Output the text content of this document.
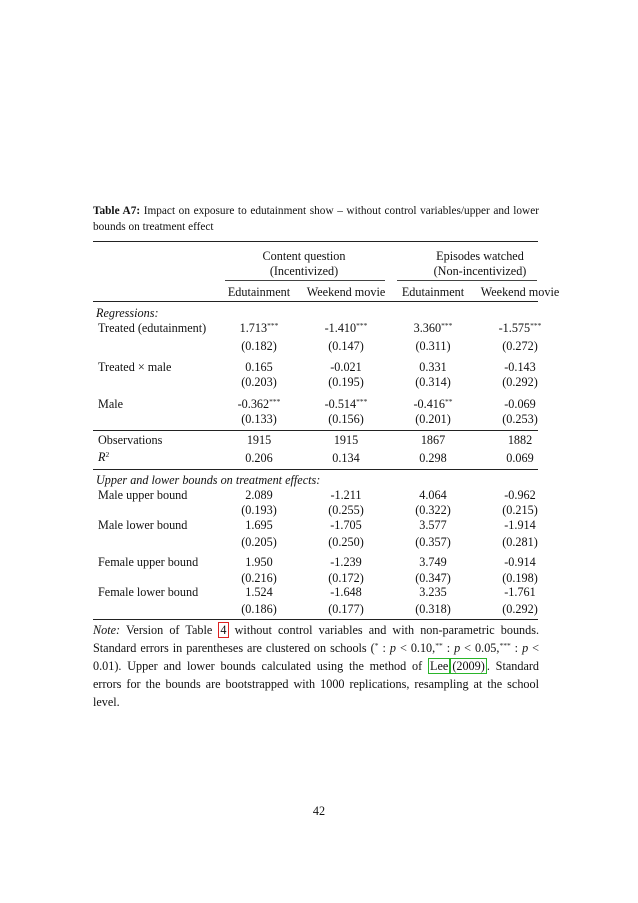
Table A7: Impact on exposure to edutainment show – without control variables/upper and lower bounds on treatment effect
Content question
(Incentivized)
Episodes watched
(Non-incentivized)
Edutainment	Weekend movie	Edutainment	Weekend movie
Regressions:
Treated (edutainment)	1.713***	-1.410***	3.360***	-1.575***
(0.182)	(0.147)	(0.311)	(0.272)
Treated × male	0.165	-0.021	0.331	-0.143
(0.203)	(0.195)	(0.314)	(0.292)
Male	-0.362***	-0.514***	-0.416**	-0.069
(0.133)	(0.156)	(0.201)	(0.253)
Observations	1915	1915	1867	1882
$R^2$	0.206	0.134	0.298	0.069
Upper and lower bounds on treatment effects:
Male upper bound	2.089	-1.211	4.064	-0.962
(0.193)	(0.255)	(0.322)	(0.215)
Male lower bound	1.695	-1.705	3.577	-1.914
(0.205)	(0.250)	(0.357)	(0.281)
Female upper bound	1.950	-1.239	3.749	-0.914
(0.216)	(0.172)	(0.347)	(0.198)
Female lower bound	1.524	-1.648	3.235	-1.761
(0.186)	(0.177)	(0.318)	(0.292)
Note: Version of Table 4 without control variables and with non-parametric bounds. Standard errors in parentheses are clustered on schools (* : p < 0.10,** : p < 0.05,*** : p < 0.01). Upper and lower bounds calculated using the method of Lee (2009) . Standard errors for the bounds are bootstrapped with 1000 replications, resampling at the school level.
42
